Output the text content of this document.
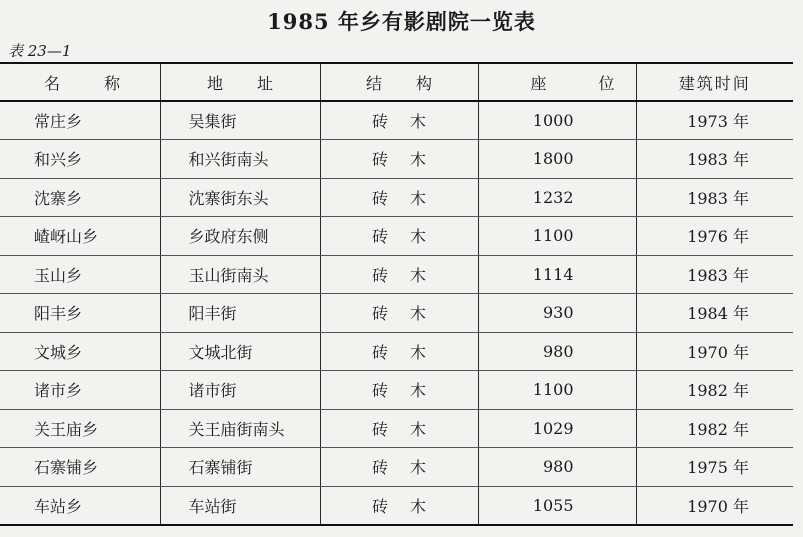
1985 年乡有影剧院一览表
表 23—1
名称	地址	结构	座位	建筑时间
常庄乡	吴集街	砖木	1000	1973 年
和兴乡	和兴街南头	砖木	1800	1983 年
沈寨乡	沈寨街东头	砖木	1232	1983 年
嵖岈山乡	乡政府东侧	砖木	1100	1976 年
玉山乡	玉山街南头	砖木	1114	1983 年
阳丰乡	阳丰街	砖木	930	1984 年
文城乡	文城北街	砖木	980	1970 年
诸市乡	诸市街	砖木	1100	1982 年
关王庙乡	关王庙街南头	砖木	1029	1982 年
石寨铺乡	石寨铺街	砖木	980	1975 年
车站乡	车站街	砖木	1055	1970 年
